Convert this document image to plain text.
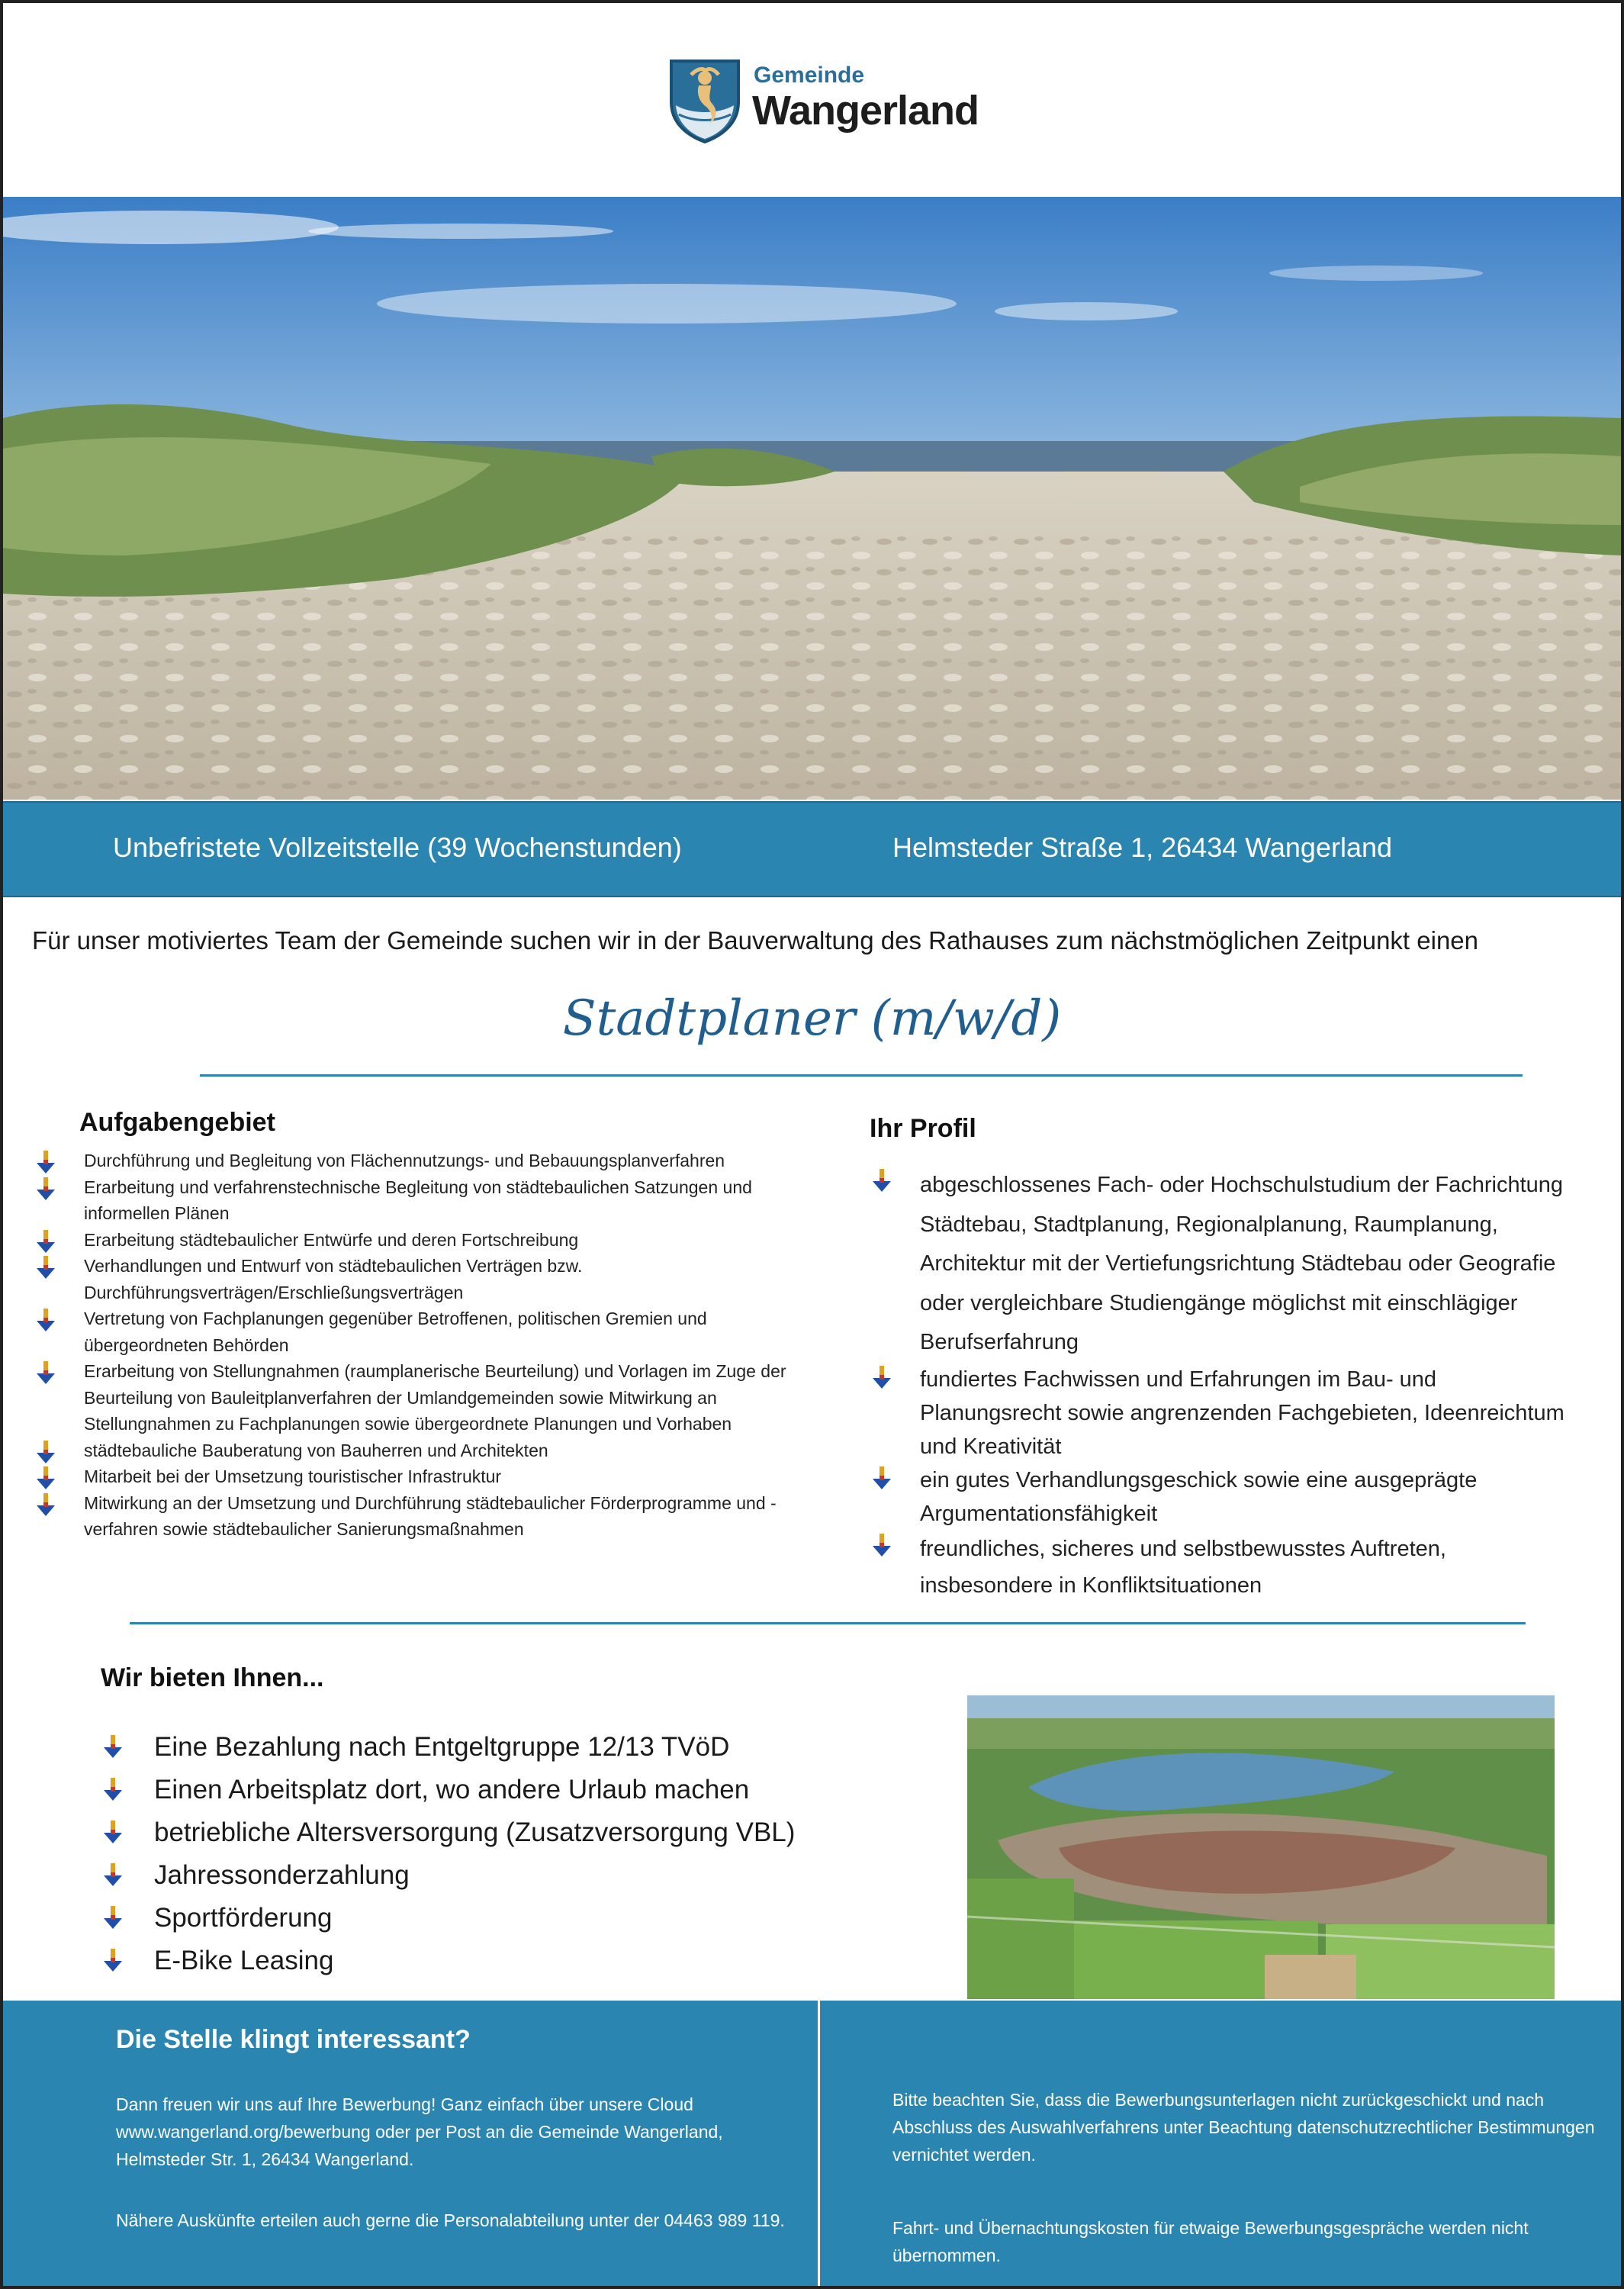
Gemeinde
Wangerland
Unbefristete Vollzeitstelle (39 Wochenstunden)	Helmsteder Straße 1, 26434 Wangerland
Für unser motiviertes Team der Gemeinde suchen wir in der Bauverwaltung des Rathauses zum nächstmöglichen Zeitpunkt einen
Stadtplaner (m/w/d)
Aufgabengebiet
Durchführung und Begleitung von Flächennutzungs- und Bebauungsplanverfahren
Erarbeitung und verfahrenstechnische Begleitung von städtebaulichen Satzungen und informellen Plänen
Erarbeitung städtebaulicher Entwürfe und deren Fortschreibung
Verhandlungen und Entwurf von städtebaulichen Verträgen bzw. Durchführungsverträgen/Erschließungsverträgen
Vertretung von Fachplanungen gegenüber Betroffenen, politischen Gremien und übergeordneten Behörden
Erarbeitung von Stellungnahmen (raumplanerische Beurteilung) und Vorlagen im Zuge der Beurteilung von Bauleitplanverfahren der Umlandgemeinden sowie Mitwirkung an Stellungnahmen zu Fachplanungen sowie übergeordnete Planungen und Vorhaben
städtebauliche Bauberatung von Bauherren und Architekten
Mitarbeit bei der Umsetzung touristischer Infrastruktur
Mitwirkung an der Umsetzung und Durchführung städtebaulicher Förderprogramme und -verfahren sowie städtebaulicher Sanierungsmaßnahmen
Ihr Profil
abgeschlossenes Fach- oder Hochschulstudium der Fachrichtung Städtebau, Stadtplanung, Regionalplanung, Raumplanung, Architektur mit der Vertiefungsrichtung Städtebau oder Geografie oder vergleichbare Studiengänge möglichst mit einschlägiger Berufserfahrung
fundiertes Fachwissen und Erfahrungen im Bau- und Planungsrecht sowie angrenzenden Fachgebieten, Ideenreichtum und Kreativität
ein gutes Verhandlungsgeschick sowie eine ausgeprägte Argumentationsfähigkeit
freundliches, sicheres und selbstbewusstes Auftreten, insbesondere in Konfliktsituationen
Wir bieten Ihnen...
Eine Bezahlung nach Entgeltgruppe 12/13 TVöD
Einen Arbeitsplatz dort, wo andere Urlaub machen
betriebliche Altersversorgung (Zusatzversorgung VBL)
Jahressonderzahlung
Sportförderung
E-Bike Leasing
Die Stelle klingt interessant?
Dann freuen wir uns auf Ihre Bewerbung! Ganz einfach über unsere Cloud www.wangerland.org/bewerbung oder per Post an die Gemeinde Wangerland, Helmsteder Str. 1, 26434 Wangerland.
Nähere Auskünfte erteilen auch gerne die Personalabteilung unter der 04463 989 119.
Bitte beachten Sie, dass die Bewerbungsunterlagen nicht zurückgeschickt und nach Abschluss des Auswahlverfahrens unter Beachtung datenschutzrechtlicher Bestimmungen vernichtet werden.
Fahrt- und Übernachtungskosten für etwaige Bewerbungsgespräche werden nicht übernommen.
